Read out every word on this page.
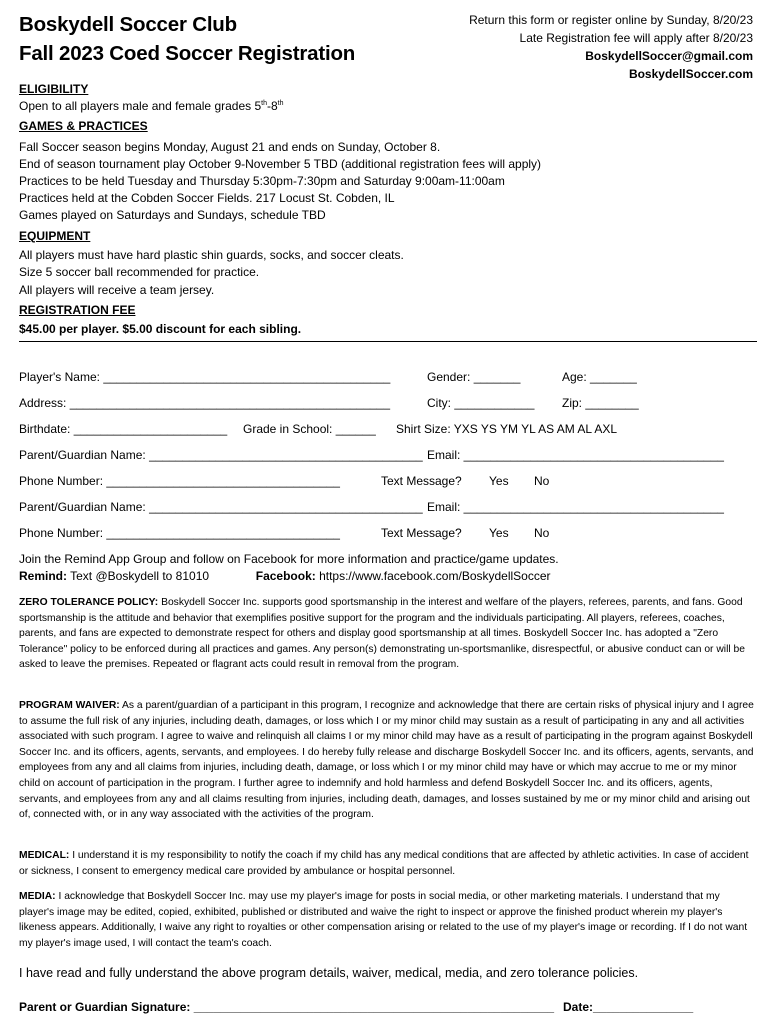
Boskydell Soccer Club
Fall 2023 Coed Soccer Registration
Return this form or register online by Sunday, 8/20/23
Late Registration fee will apply after 8/20/23
BoskydellSoccer@gmail.com
BoskydellSoccer.com
ELIGIBILITY
Open to all players male and female grades 5th-8th
GAMES & PRACTICES
Fall Soccer season begins Monday, August 21 and ends on Sunday, October 8.
End of season tournament play October 9-November 5 TBD (additional registration fees will apply)
Practices to be held Tuesday and Thursday 5:30pm-7:30pm and Saturday 9:00am-11:00am
Practices held at the Cobden Soccer Fields. 217 Locust St. Cobden, IL
Games played on Saturdays and Sundays, schedule TBD
EQUIPMENT
All players must have hard plastic shin guards, socks, and soccer cleats.
Size 5 soccer ball recommended for practice.
All players will receive a team jersey.
REGISTRATION FEE
$45.00 per player. $5.00 discount for each sibling.
Player's Name: ___________________________________________	Gender: _______	Age: _______
Address: ________________________________________________	City: ____________ Zip: ________
Birthdate: _______________________ Grade in School: ______ Shirt Size: YXS YS YM YL AS AM AL AXL
Parent/Guardian Name: _________________________________________ Email: _______________________________________
Phone Number: ___________________________________	Text Message? Yes No
Parent/Guardian Name: _________________________________________ Email: _______________________________________
Phone Number: ___________________________________	Text Message? Yes No
Join the Remind App Group and follow on Facebook for more information and practice/game updates.
Remind: Text @Boskydell to 81010	Facebook: https://www.facebook.com/BoskydellSoccer
ZERO TOLERANCE POLICY: Boskydell Soccer Inc. supports good sportsmanship in the interest and welfare of the players, referees, parents, and fans. Good sportsmanship is the attitude and behavior that exemplifies positive support for the program and the individuals participating. All players, referees, coaches, parents, and fans are expected to demonstrate respect for others and display good sportsmanship at all times. Boskydell Soccer Inc. has adopted a "Zero Tolerance" policy to be enforced during all practices and games. Any person(s) demonstrating un-sportsmanlike, disrespectful, or abusive conduct can or will be asked to leave the premises. Repeated or flagrant acts could result in removal from the program.
PROGRAM WAIVER: As a parent/guardian of a participant in this program, I recognize and acknowledge that there are certain risks of physical injury and I agree to assume the full risk of any injuries, including death, damages, or loss which I or my minor child may sustain as a result of participating in any and all activities associated with such program. I agree to waive and relinquish all claims I or my minor child may have as a result of participating in the program against Boskydell Soccer Inc. and its officers, agents, servants, and employees. I do hereby fully release and discharge Boskydell Soccer Inc. and its officers, agents, servants, and employees from any and all claims from injuries, including death, damage, or loss which I or my minor child may have or which may accrue to me or my minor child on account of participation in the program. I further agree to indemnify and hold harmless and defend Boskydell Soccer Inc. and its officers, agents, servants, and employees from any and all claims resulting from injuries, including death, damages, and losses sustained by me or my minor child and arising out of, connected with, or in any way associated with the activities of the program.
MEDICAL: I understand it is my responsibility to notify the coach if my child has any medical conditions that are affected by athletic activities. In case of accident or sickness, I consent to emergency medical care provided by ambulance or hospital personnel.
MEDIA: I acknowledge that Boskydell Soccer Inc. may use my player's image for posts in social media, or other marketing materials. I understand that my player's image may be edited, copied, exhibited, published or distributed and waive the right to inspect or approve the finished product wherein my player's likeness appears. Additionally, I waive any right to royalties or other compensation arising or related to the use of my player's image or recording. If I do not want my player's image used, I will contact the team's coach.
I have read and fully understand the above program details, waiver, medical, media, and zero tolerance policies.
Parent or Guardian Signature: ______________________________________________________ Date:_______________
